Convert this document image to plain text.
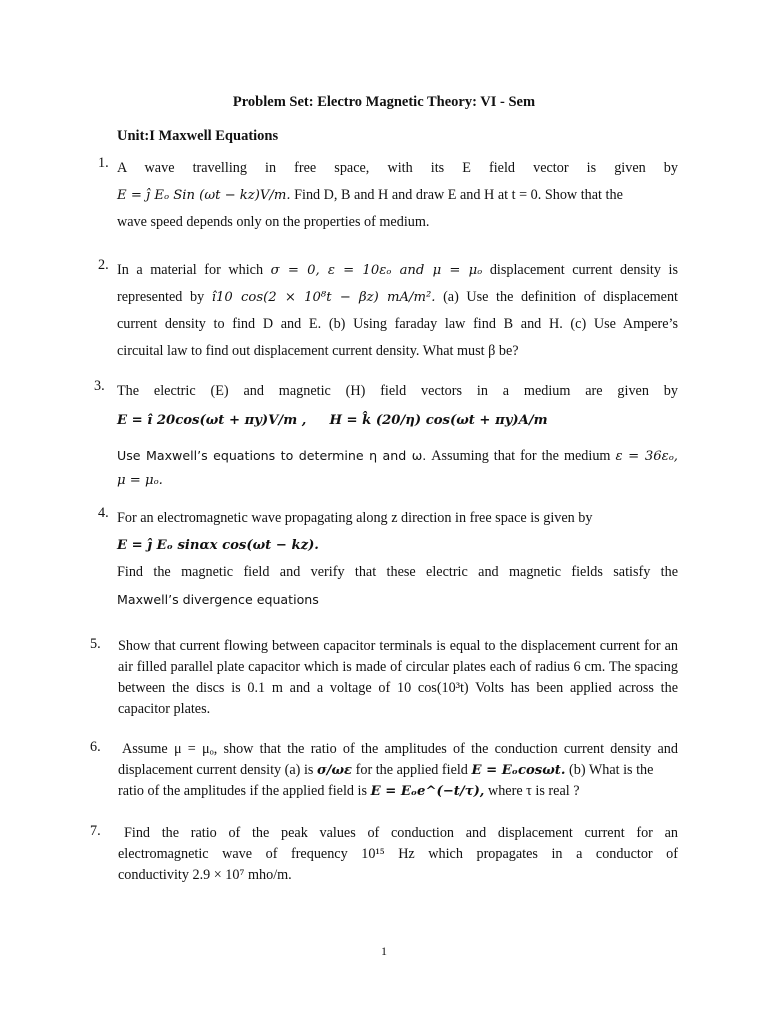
Problem Set: Electro Magnetic Theory: VI - Sem
Unit:I Maxwell Equations
1. A wave travelling in free space, with its E field vector is given by
E = ĵ Eₒ Sin (ωt − kz)V/m. Find D, B and H and draw E and H at t = 0. Show that the
wave speed depends only on the properties of medium.
2. In a material for which σ = 0, ε = 10εₒ and μ = μₒ displacement current density is
represented by î10 cos(2 × 10⁸t − βz) mA/m². (a) Use the definition of displacement
current density to find D and E. (b) Using faraday law find B and H. (c) Use Ampere’s
circuital law to find out displacement current density. What must β be?
3. The electric (E) and magnetic (H) field vectors in a medium are given by
E = î 20cos(ωt + πy)V/m , H = k̂ (20/η) cos(ωt + πy)A/m
Use Maxwell’s equations to determine η and ω. Assuming that for the medium ε = 36εₒ,
μ = μₒ.
4. For an electromagnetic wave propagating along z direction in free space is given by
E = ĵ Eₒ sinαx cos(ωt − kz).
Find the magnetic field and verify that these electric and magnetic fields satisfy the
Maxwell’s divergence equations
5. Show that current flowing between capacitor terminals is equal to the displacement current for an air filled parallel plate capacitor which is made of circular plates each of radius 6 cm. The spacing between the discs is 0.1 m and a voltage of 10 cos(10³t) Volts has been applied across the capacitor plates.
6. Assume μ = μₒ, show that the ratio of the amplitudes of the conduction current density and
displacement current density (a) is σ/ωε for the applied field E = Eₒcosωt. (b) What is the
ratio of the amplitudes if the applied field is E = Eₒe^(−t/τ), where τ is real ?
7.	Find the ratio of the peak values of conduction and displacement current for an
electromagnetic wave of frequency 10¹⁵ Hz which propagates in a conductor of
conductivity 2.9 × 10⁷ mho/m.
1
